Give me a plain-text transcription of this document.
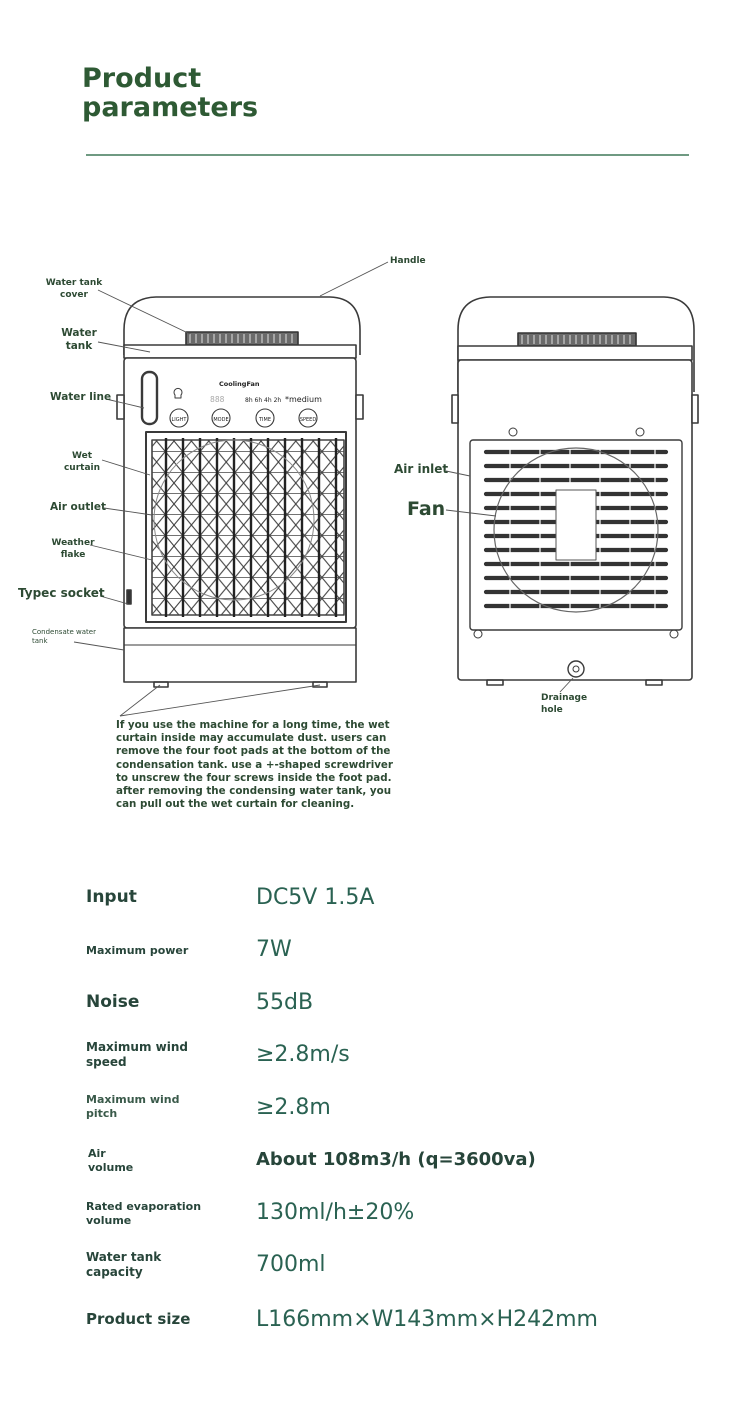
Product
parameters
CoolingFan
888	8h 6h 4h 2h *medium
LIGHT	MODE	TIME	SPEED
Handle
Water tank
cover
Water
tank
Water line
Wet
curtain
Air outlet
Weather
flake
Typec socket
Condensate water
tank
Air inlet
Fan
Drainage
hole

If you use the machine for a long time, the wet curtain inside may accumulate dust. users can remove the four foot pads at the bottom of the condensation tank. use a +-shaped screwdriver to unscrew the four screws inside the foot pad. after removing the condensing water tank, you can pull out the wet curtain for cleaning.

Input	DC5V 1.5A
Maximum power	7W
Noise	55dB
Maximum wind
speed	≥2.8m/s
Maximum wind
pitch	≥2.8m
Air
volume	About 108m3/h (q=3600va)
Rated evaporation
volume	130ml/h±20%
Water tank
capacity	700ml
Product size	L166mm×W143mm×H242mm
